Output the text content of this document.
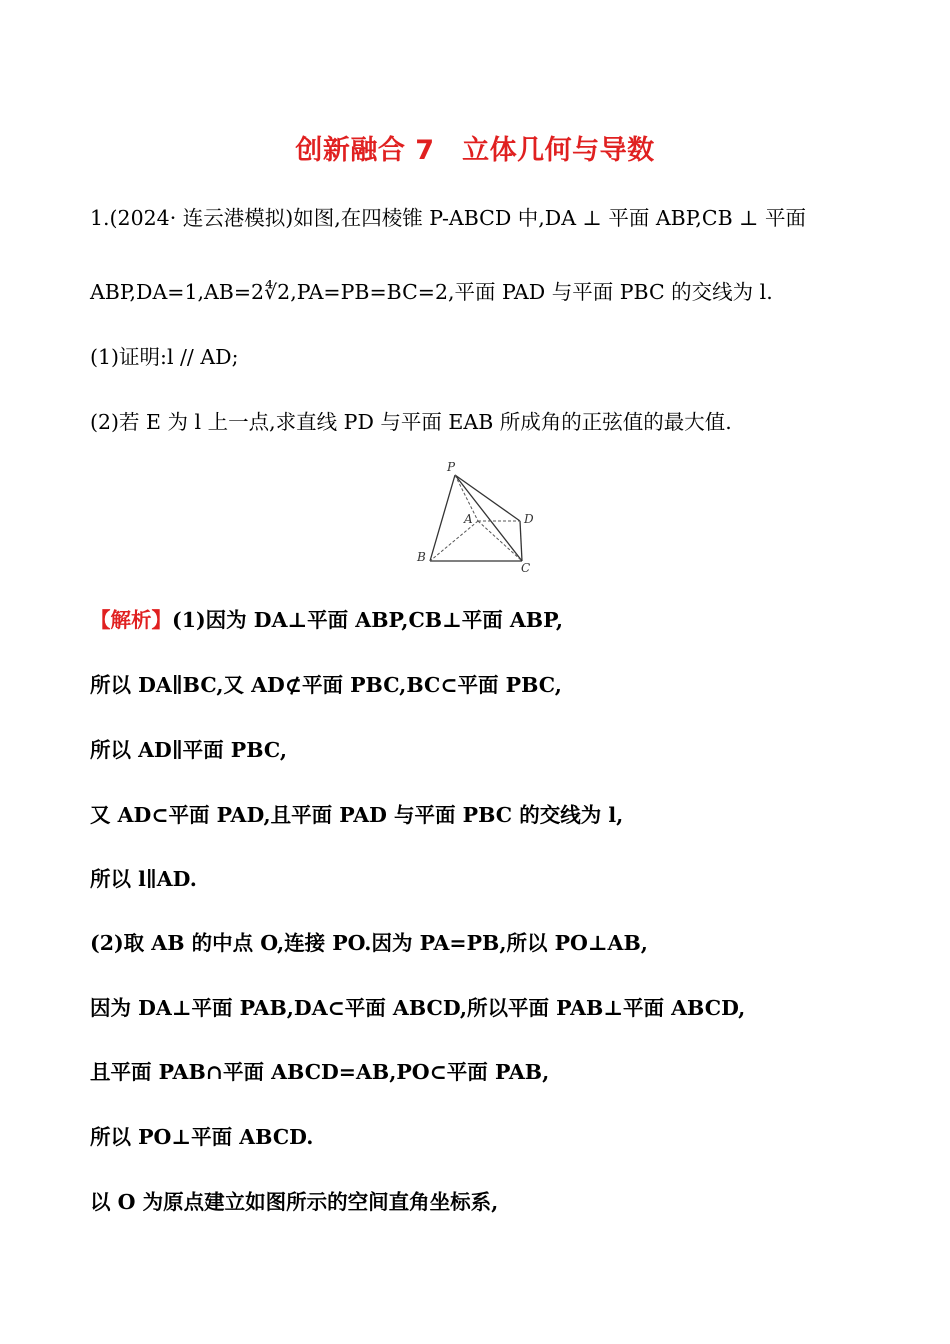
创新融合 7　立体几何与导数
1.(2024· 连云港模拟)如图,在四棱锥 P-ABCD 中,DA ⊥ 平面 ABP,CB ⊥ 平面
ABP,DA=1,AB=2∜2,PA=PB=BC=2,平面 PAD 与平面 PBC 的交线为 l.
(1)证明:l // AD;
(2)若 E 为 l 上一点,求直线 PD 与平面 EAB 所成角的正弦值的最大值.
P
A
B
C
D
【解析】(1)因为 DA⊥平面 ABP,CB⊥平面 ABP,
所以 DA∥BC,又 AD⊄平面 PBC,BC⊂平面 PBC,
所以 AD∥平面 PBC,
又 AD⊂平面 PAD,且平面 PAD 与平面 PBC 的交线为 l,
所以 l∥AD.
(2)取 AB 的中点 O,连接 PO.因为 PA=PB,所以 PO⊥AB,
因为 DA⊥平面 PAB,DA⊂平面 ABCD,所以平面 PAB⊥平面 ABCD,
且平面 PAB∩平面 ABCD=AB,PO⊂平面 PAB,
所以 PO⊥平面 ABCD.
以 O 为原点建立如图所示的空间直角坐标系,
